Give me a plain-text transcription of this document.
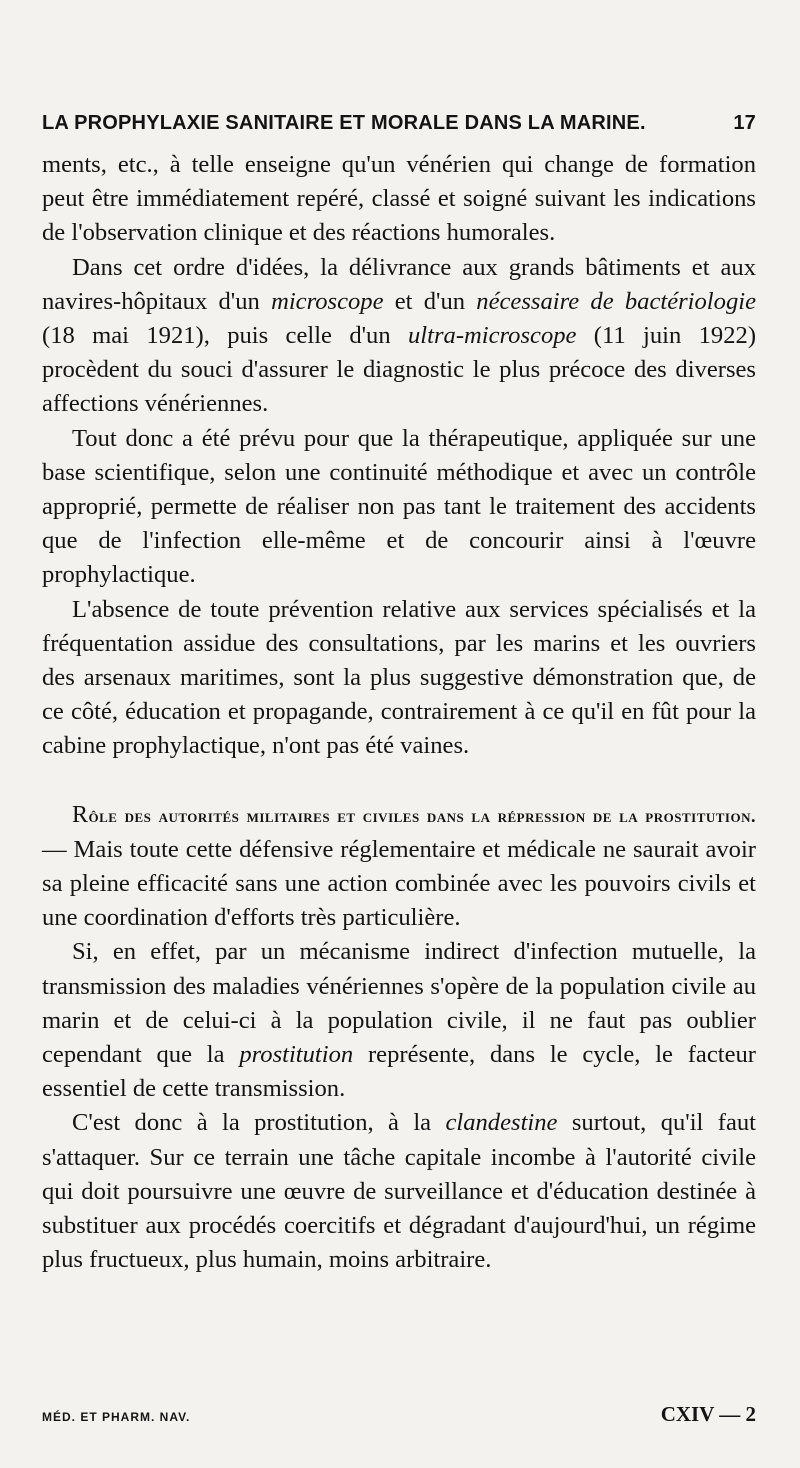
LA PROPHYLAXIE SANITAIRE ET MORALE DANS LA MARINE.	17

ments, etc., à telle enseigne qu'un vénérien qui change de formation peut être immédiatement repéré, classé et soigné suivant les indications de l'observation clinique et des réactions humorales.

Dans cet ordre d'idées, la délivrance aux grands bâtiments et aux navires-hôpitaux d'un microscope et d'un nécessaire de bactériologie (18 mai 1921), puis celle d'un ultra-microscope (11 juin 1922) procèdent du souci d'assurer le diagnostic le plus précoce des diverses affections vénériennes.

Tout donc a été prévu pour que la thérapeutique, appliquée sur une base scientifique, selon une continuité méthodique et avec un contrôle approprié, permette de réaliser non pas tant le traitement des accidents que de l'infection elle-même et de concourir ainsi à l'œuvre prophylactique.

L'absence de toute prévention relative aux services spécialisés et la fréquentation assidue des consultations, par les marins et les ouvriers des arsenaux maritimes, sont la plus suggestive démonstration que, de ce côté, éducation et propagande, contrairement à ce qu'il en fût pour la cabine prophylactique, n'ont pas été vaines.

Rôle des autorités militaires et civiles dans la répression de la prostitution. — Mais toute cette défensive réglementaire et médicale ne saurait avoir sa pleine efficacité sans une action combinée avec les pouvoirs civils et une coordination d'efforts très particulière.

Si, en effet, par un mécanisme indirect d'infection mutuelle, la transmission des maladies vénériennes s'opère de la population civile au marin et de celui-ci à la population civile, il ne faut pas oublier cependant que la prostitution représente, dans le cycle, le facteur essentiel de cette transmission.

C'est donc à la prostitution, à la clandestine surtout, qu'il faut s'attaquer. Sur ce terrain une tâche capitale incombe à l'autorité civile qui doit poursuivre une œuvre de surveillance et d'éducation destinée à substituer aux procédés coercitifs et dégradant d'aujourd'hui, un régime plus fructueux, plus humain, moins arbitraire.

MÉD. ET PHARM. NAV.	CXIV — 2
